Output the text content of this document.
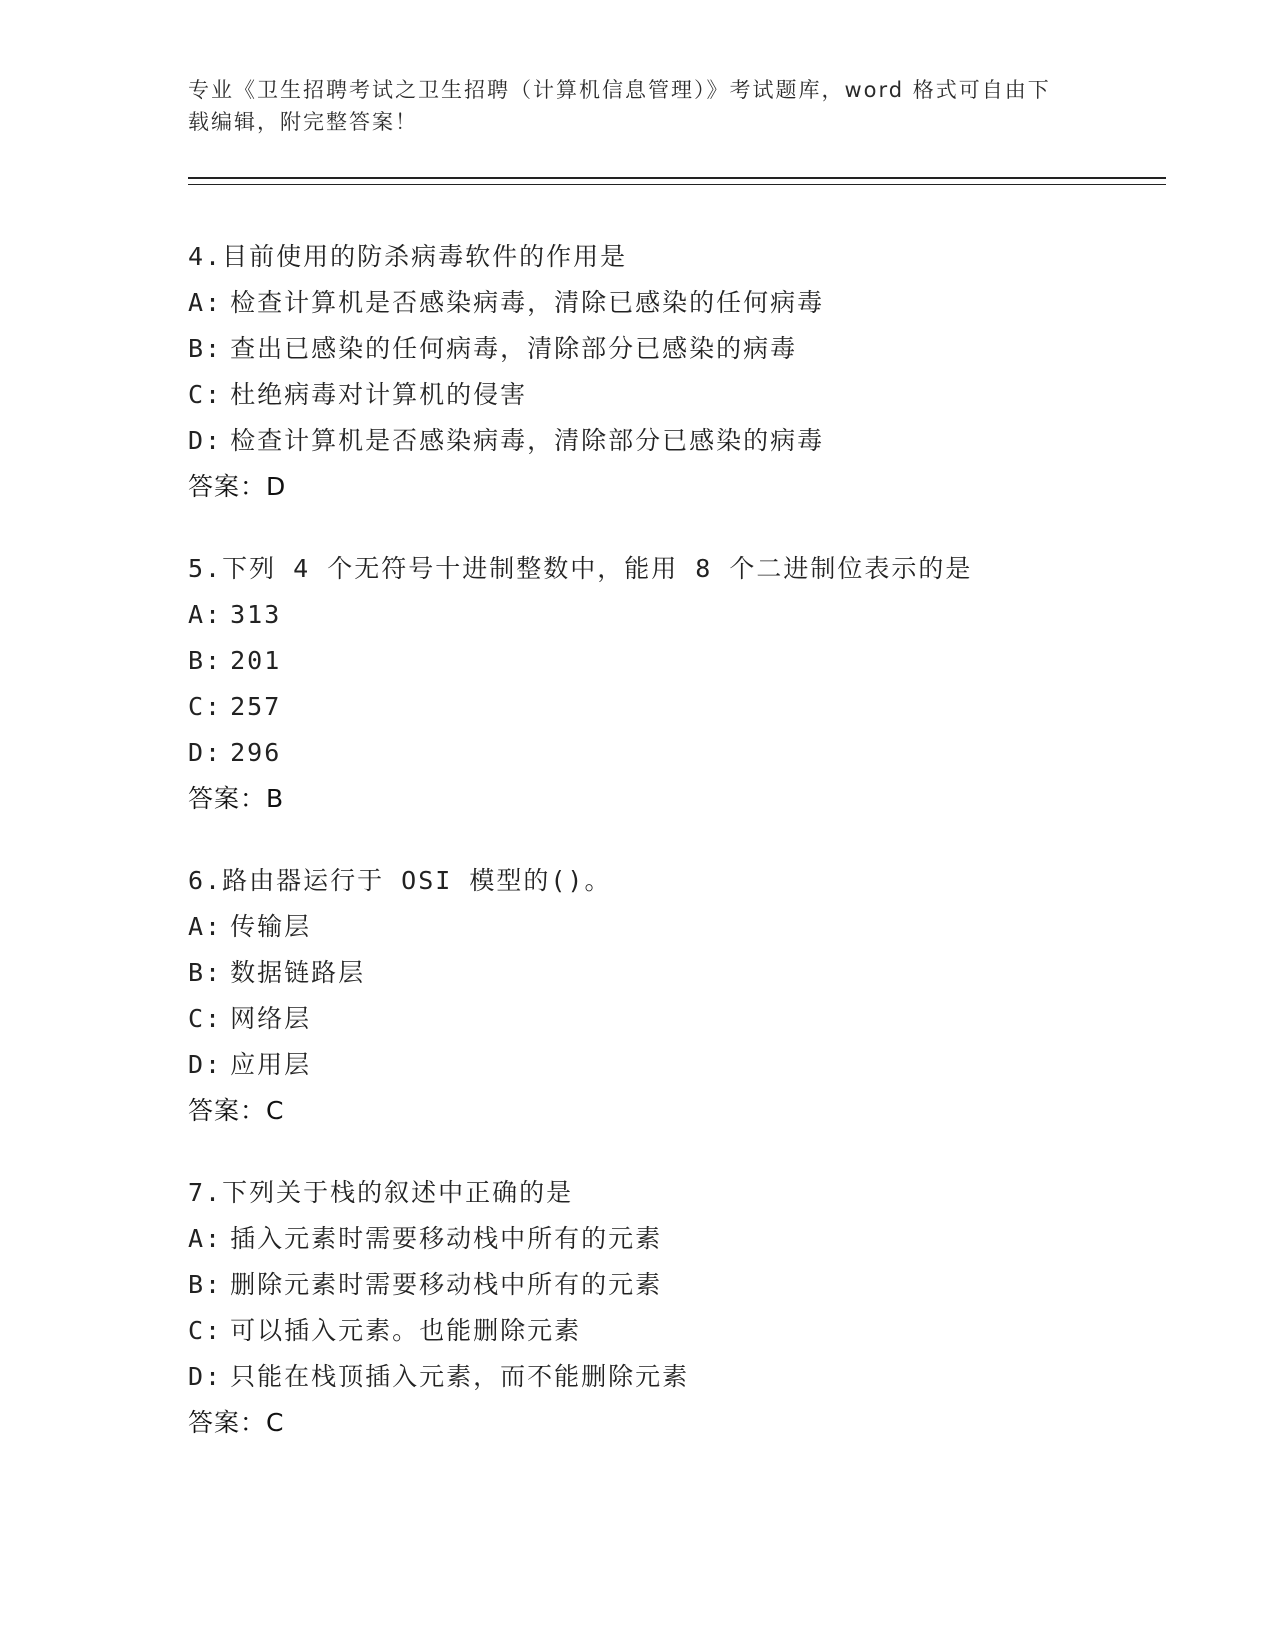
专业《卫生招聘考试之卫生招聘（计算机信息管理）》考试题库，word 格式可自由下载编辑，附完整答案！
4.目前使用的防杀病毒软件的作用是
A: 检查计算机是否感染病毒，清除已感染的任何病毒
B: 查出已感染的任何病毒，清除部分已感染的病毒
C: 杜绝病毒对计算机的侵害
D: 检查计算机是否感染病毒，清除部分已感染的病毒
答案：D
5.下列 4 个无符号十进制整数中，能用 8 个二进制位表示的是
A: 313
B: 201
C: 257
D: 296
答案：B
6.路由器运行于 OSI 模型的()。
A: 传输层
B: 数据链路层
C: 网络层
D: 应用层
答案：C
7.下列关于栈的叙述中正确的是
A: 插入元素时需要移动栈中所有的元素
B: 删除元素时需要移动栈中所有的元素
C: 可以插入元素。也能删除元素
D: 只能在栈顶插入元素，而不能删除元素
答案：C
